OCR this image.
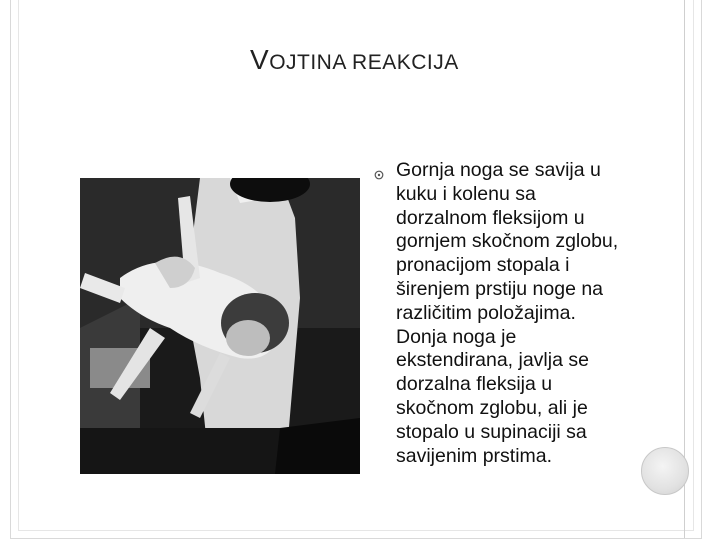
VOJTINA REAKCIJA
Gornja noga se savija u
kuku i kolenu sa
dorzalnom fleksijom u
gornjem skočnom zglobu,
pronacijom stopala i
širenjem prstiju noge na
različitim položajima.
Donja noga je
ekstendirana, javlja se
dorzalna fleksija u
skočnom zglobu, ali je
stopalo u supinaciji sa
savijenim prstima.
